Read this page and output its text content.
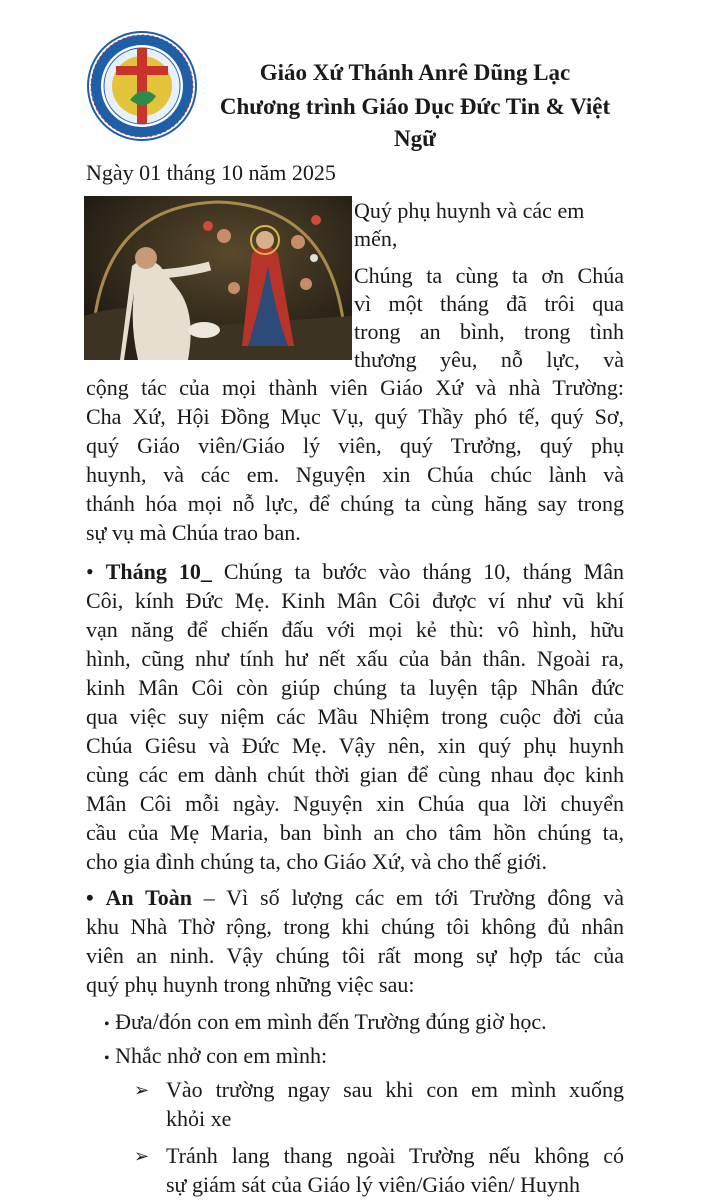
Giáo Xứ Thánh Anrê Dũng Lạc
Chương trình Giáo Dục Đức Tin & Việt
Ngữ
Ngày 01 tháng 10 năm 2025
Quý phụ huynh và các em
mến,
Chúng ta cùng ta ơn Chúa
vì một tháng đã trôi qua
trong an bình, trong tình
thương yêu, nỗ lực, và
cộng tác của mọi thành viên Giáo Xứ và nhà Trường:
Cha Xứ, Hội Đồng Mục Vụ, quý Thầy phó tế, quý Sơ,
quý Giáo viên/Giáo lý viên, quý Trưởng, quý phụ
huynh, và các em. Nguyện xin Chúa chúc lành và
thánh hóa mọi nỗ lực, để chúng ta cùng hăng say trong
sự vụ mà Chúa trao ban.
• Tháng 10_ Chúng ta bước vào tháng 10, tháng Mân
Côi, kính Đức Mẹ. Kinh Mân Côi được ví như vũ khí
vạn năng để chiến đấu với mọi kẻ thù: vô hình, hữu
hình, cũng như tính hư nết xấu của bản thân. Ngoài ra,
kinh Mân Côi còn giúp chúng ta luyện tập Nhân đức
qua việc suy niệm các Mầu Nhiệm trong cuộc đời của
Chúa Giêsu và Đức Mẹ. Vậy nên, xin quý phụ huynh
cùng các em dành chút thời gian để cùng nhau đọc kinh
Mân Côi mỗi ngày. Nguyện xin Chúa qua lời chuyển
cầu của Mẹ Maria, ban bình an cho tâm hồn chúng ta,
cho gia đình chúng ta, cho Giáo Xứ, và cho thế giới.
• An Toàn – Vì số lượng các em tới Trường đông và
khu Nhà Thờ rộng, trong khi chúng tôi không đủ nhân
viên an ninh. Vậy chúng tôi rất mong sự hợp tác của
quý phụ huynh trong những việc sau:
• Đưa/đón con em mình đến Trường đúng giờ học.
• Nhắc nhở con em mình:
➢ Vào trường ngay sau khi con em mình xuống
khỏi xe
➢ Tránh lang thang ngoài Trường nếu không có
sự giám sát của Giáo lý viên/Giáo viên/ Huynh
